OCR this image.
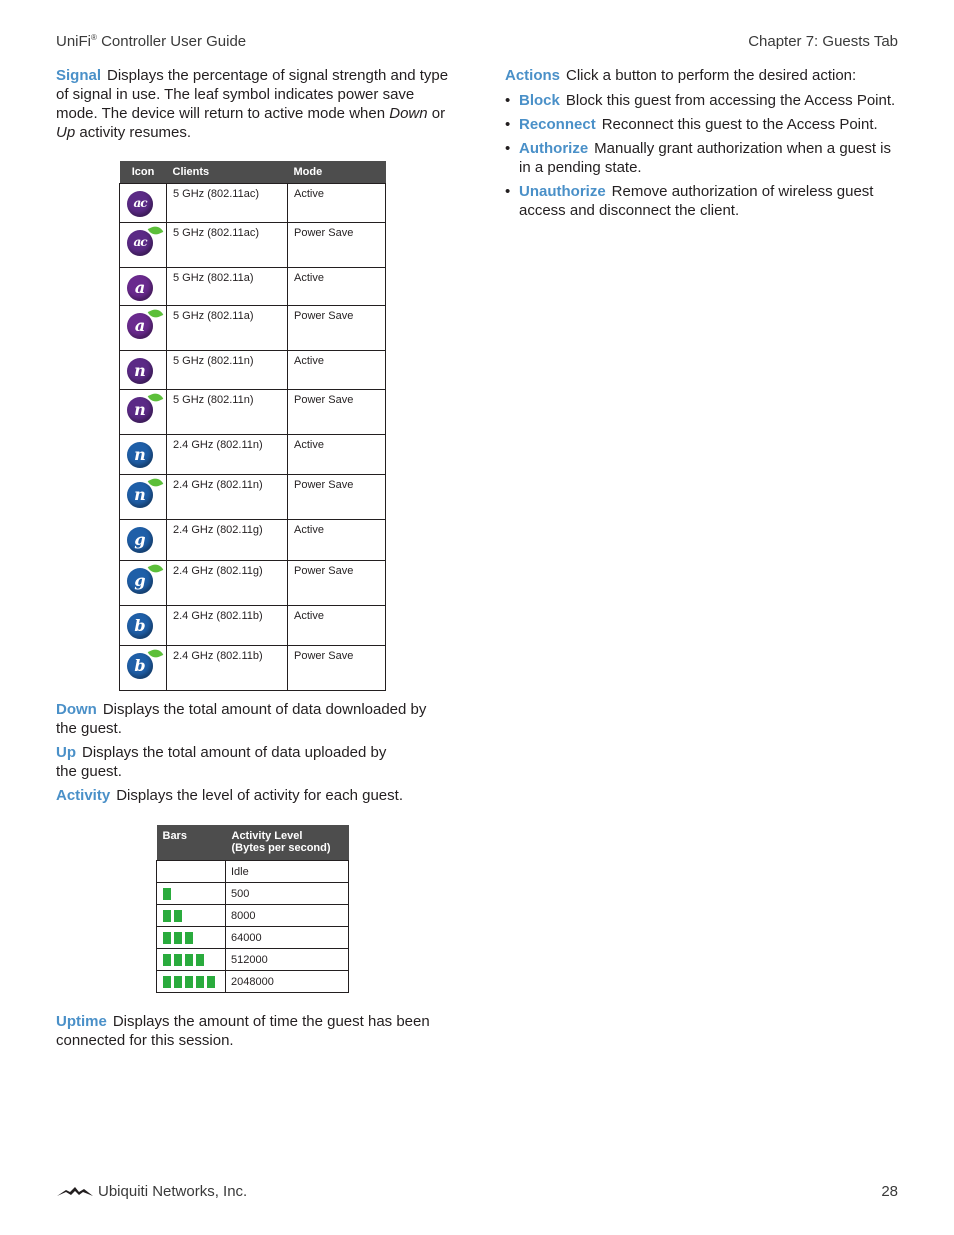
UniFi® Controller User Guide	Chapter 7: Guests Tab

Signal Displays the percentage of signal strength and type of signal in use. The leaf symbol indicates power save mode. The device will return to active mode when Down or Up activity resumes.

Icon	Clients	Mode
ac	5 GHz (802.11ac)	Active
ac	5 GHz (802.11ac)	Power Save
a	5 GHz (802.11a)	Active
a	5 GHz (802.11a)	Power Save
n	5 GHz (802.11n)	Active
n	5 GHz (802.11n)	Power Save
n	2.4 GHz (802.11n)	Active
n	2.4 GHz (802.11n)	Power Save
g	2.4 GHz (802.11g)	Active
g	2.4 GHz (802.11g)	Power Save
b	2.4 GHz (802.11b)	Active
b	2.4 GHz (802.11b)	Power Save

Down Displays the total amount of data downloaded by the guest.

Up Displays the total amount of data uploaded by the guest.

Activity Displays the level of activity for each guest.

Bars	Activity Level
(Bytes per second)
	Idle
	500
	8000
	64000
	512000
	2048000

Uptime Displays the amount of time the guest has been connected for this session.

Actions Click a button to perform the desired action:

• Block Block this guest from accessing the Access Point.
• Reconnect Reconnect this guest to the Access Point.
• Authorize Manually grant authorization when a guest is in a pending state.
• Unauthorize Remove authorization of wireless guest access and disconnect the client.
Ubiquiti Networks, Inc.	28
